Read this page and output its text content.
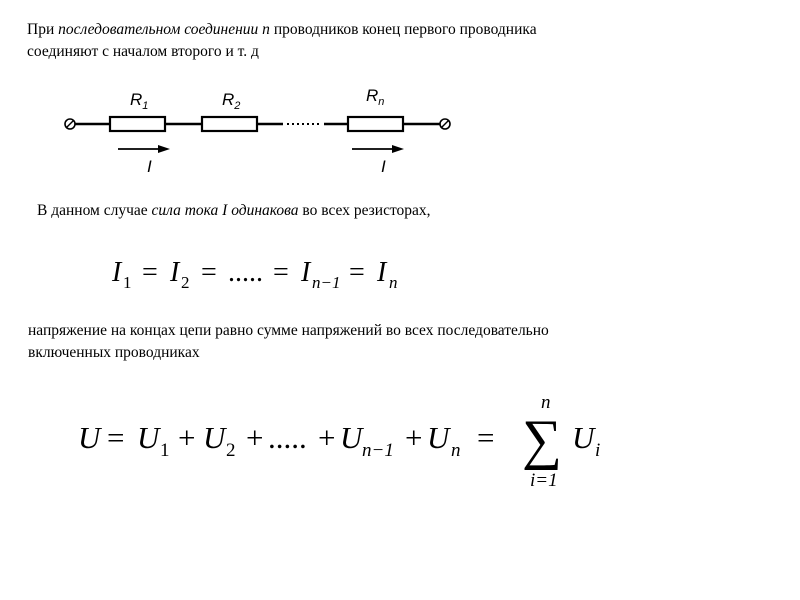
При последовательном соединении n проводников конец первого проводника
соединяют с началом второго и т. д
$R_1$	$R_2$
$R_n$
I	I
I 1 = I 2 = ..... = I n−1 = I n
U = U 1 + U 2 + ..... + U n−1 + U n = ∑
n
i=1
U i
В данном случае сила тока I одинакова во всех резисторах,
напряжение на концах цепи равно сумме напряжений во всех последовательно
включенных проводниках
